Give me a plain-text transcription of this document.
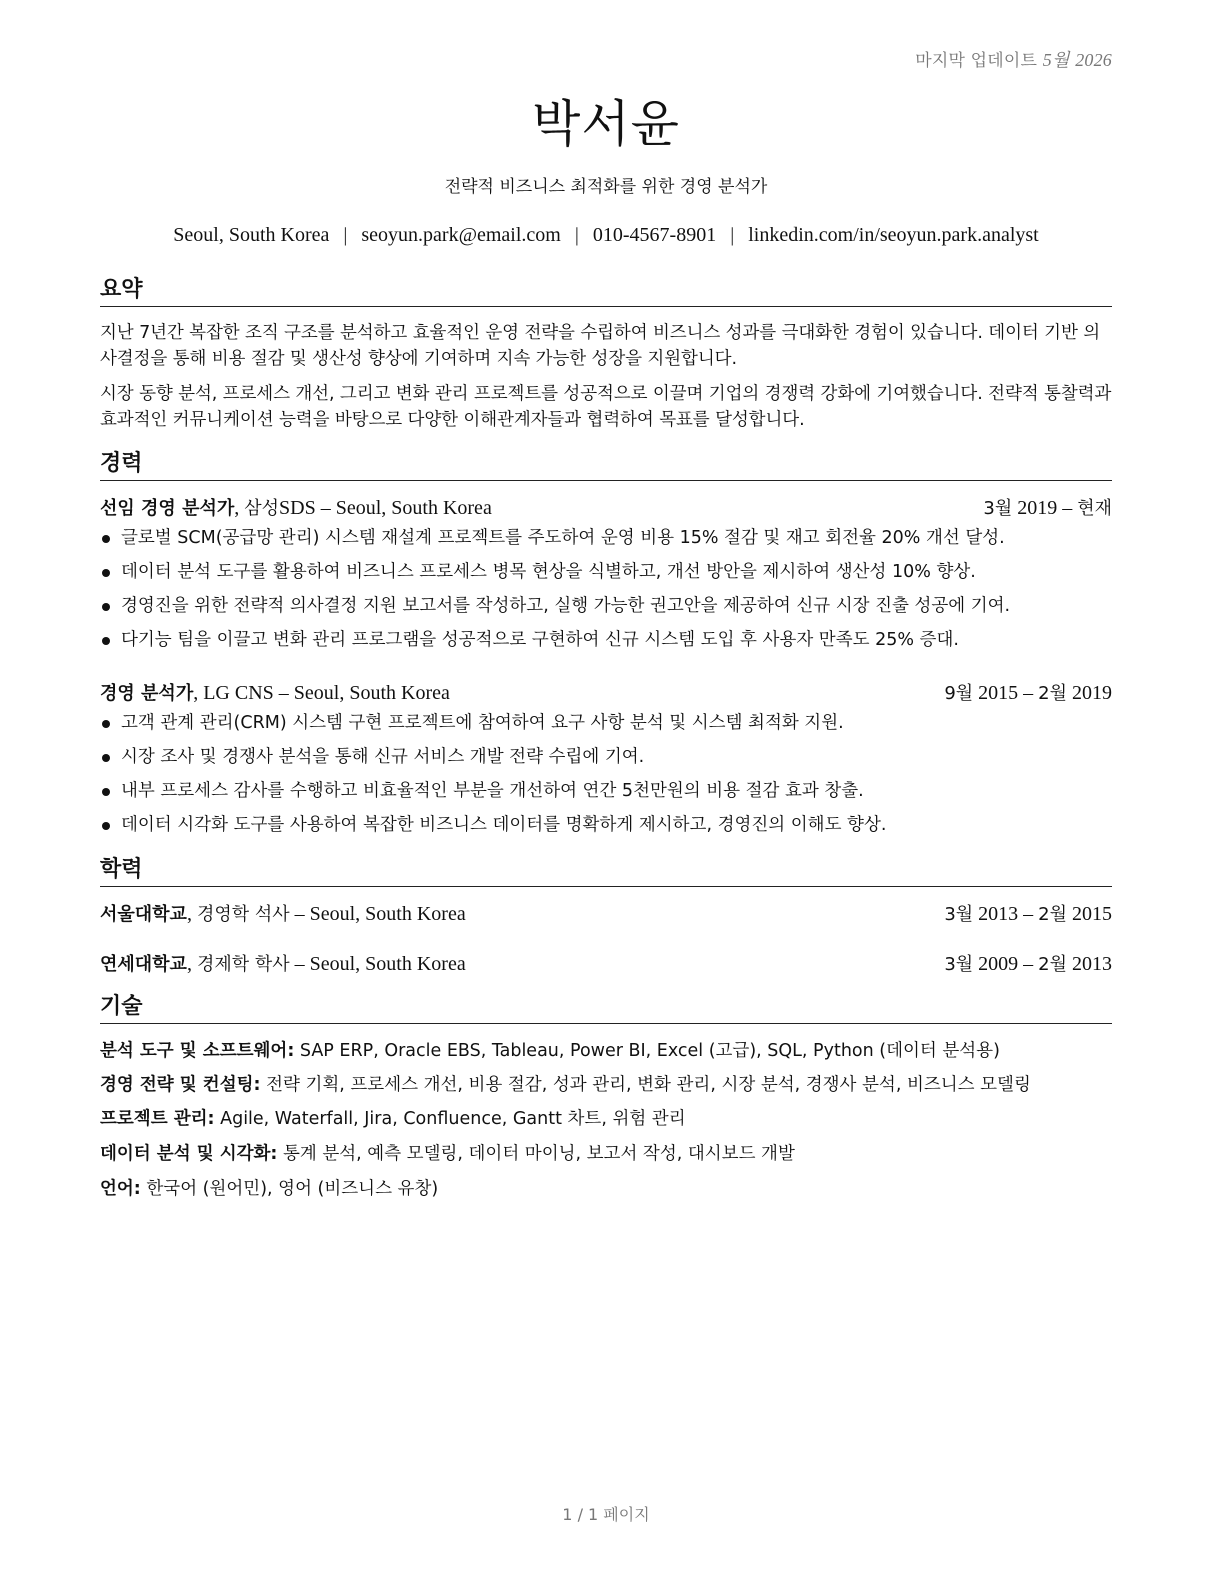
마지막 업데이트 5월 2026
박서윤
전략적 비즈니스 최적화를 위한 경영 분석가
Seoul, South Korea | seoyun.park@email.com | 010-4567-8901 | linkedin.com/in/seoyun.park.analyst
요약
지난 7년간 복잡한 조직 구조를 분석하고 효율적인 운영 전략을 수립하여 비즈니스 성과를 극대화한 경험이 있습니다. 데이터 기반 의사결정을 통해 비용 절감 및 생산성 향상에 기여하며 지속 가능한 성장을 지원합니다.
시장 동향 분석, 프로세스 개선, 그리고 변화 관리 프로젝트를 성공적으로 이끌며 기업의 경쟁력 강화에 기여했습니다. 전략적 통찰력과 효과적인 커뮤니케이션 능력을 바탕으로 다양한 이해관계자들과 협력하여 목표를 달성합니다.
경력
선임 경영 분석가, 삼성SDS – Seoul, South Korea	3월 2019 – 현재
글로벌 SCM(공급망 관리) 시스템 재설계 프로젝트를 주도하여 운영 비용 15% 절감 및 재고 회전율 20% 개선 달성.
데이터 분석 도구를 활용하여 비즈니스 프로세스 병목 현상을 식별하고, 개선 방안을 제시하여 생산성 10% 향상.
경영진을 위한 전략적 의사결정 지원 보고서를 작성하고, 실행 가능한 권고안을 제공하여 신규 시장 진출 성공에 기여.
다기능 팀을 이끌고 변화 관리 프로그램을 성공적으로 구현하여 신규 시스템 도입 후 사용자 만족도 25% 증대.
경영 분석가, LG CNS – Seoul, South Korea	9월 2015 – 2월 2019
고객 관계 관리(CRM) 시스템 구현 프로젝트에 참여하여 요구 사항 분석 및 시스템 최적화 지원.
시장 조사 및 경쟁사 분석을 통해 신규 서비스 개발 전략 수립에 기여.
내부 프로세스 감사를 수행하고 비효율적인 부분을 개선하여 연간 5천만원의 비용 절감 효과 창출.
데이터 시각화 도구를 사용하여 복잡한 비즈니스 데이터를 명확하게 제시하고, 경영진의 이해도 향상.
학력
서울대학교, 경영학 석사 – Seoul, South Korea	3월 2013 – 2월 2015
연세대학교, 경제학 학사 – Seoul, South Korea	3월 2009 – 2월 2013
기술
분석 도구 및 소프트웨어: SAP ERP, Oracle EBS, Tableau, Power BI, Excel (고급), SQL, Python (데이터 분석용)
경영 전략 및 컨설팅: 전략 기획, 프로세스 개선, 비용 절감, 성과 관리, 변화 관리, 시장 분석, 경쟁사 분석, 비즈니스 모델링
프로젝트 관리: Agile, Waterfall, Jira, Confluence, Gantt 차트, 위험 관리
데이터 분석 및 시각화: 통계 분석, 예측 모델링, 데이터 마이닝, 보고서 작성, 대시보드 개발
언어: 한국어 (원어민), 영어 (비즈니스 유창)
1 / 1 페이지
